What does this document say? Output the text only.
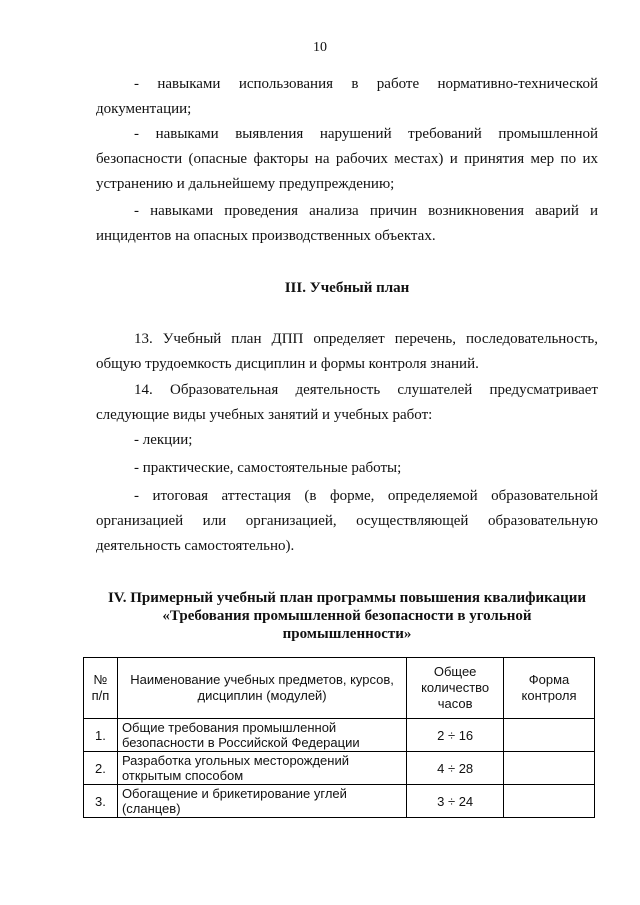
10

- навыками использования в работе нормативно-технической документации;

- навыками выявления нарушений требований промышленной безопасности (опасные факторы на рабочих местах) и принятия мер по их устранению и дальнейшему предупреждению;

- навыками проведения анализа причин возникновения аварий и инцидентов на опасных производственных объектах.

III. Учебный план

13. Учебный план ДПП определяет перечень, последовательность, общую трудоемкость дисциплин и формы контроля знаний.

14. Образовательная деятельность слушателей предусматривает следующие виды учебных занятий и учебных работ:

- лекции;

- практические, самостоятельные работы;

- итоговая аттестация (в форме, определяемой образовательной организацией или организацией, осуществляющей образовательную деятельность самостоятельно).

IV. Примерный учебный план программы повышения квалификации
«Требования промышленной безопасности в угольной
промышленности»
№ п/п	Наименование учебных предметов, курсов, дисциплин (модулей)	Общее количество часов	Форма контроля
1.	Общие требования промышленной безопасности в Российской Федерации	2 ÷ 16	
2.	Разработка угольных месторождений открытым способом	4 ÷ 28	
3.	Обогащение и брикетирование углей (сланцев)	3 ÷ 24	
